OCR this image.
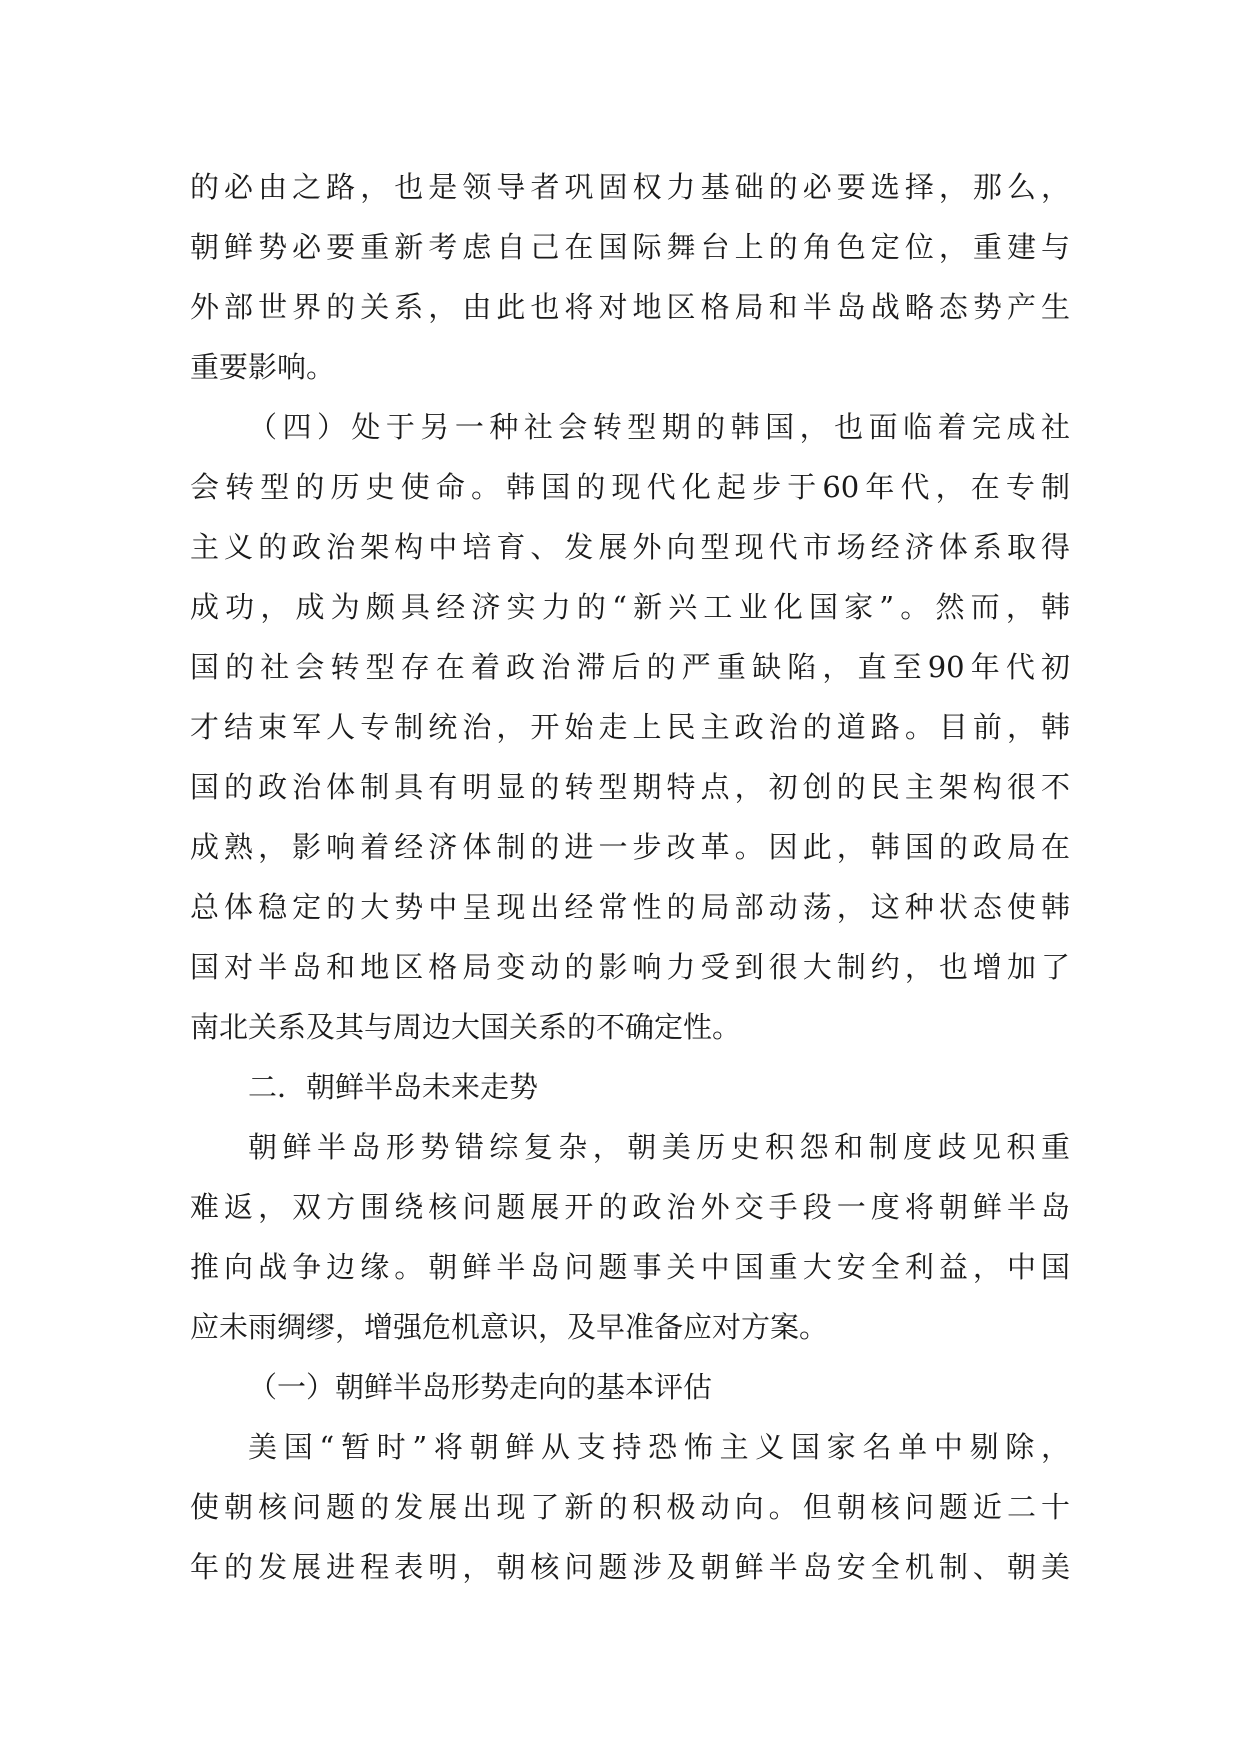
的必由之路，也是领导者巩固权力基础的必要选择，那么，
朝鲜势必要重新考虑自己在国际舞台上的角色定位，重建与
外部世界的关系，由此也将对地区格局和半岛战略态势产生
重要影响。
（四）处于另一种社会转型期的韩国，也面临着完成社
会转型的历史使命。韩国的现代化起步于60年代，在专制
主义的政治架构中培育、发展外向型现代市场经济体系取得
成功，成为颇具经济实力的“新兴工业化国家”。然而，韩
国的社会转型存在着政治滞后的严重缺陷，直至90年代初
才结束军人专制统治，开始走上民主政治的道路。目前，韩
国的政治体制具有明显的转型期特点，初创的民主架构很不
成熟，影响着经济体制的进一步改革。因此，韩国的政局在
总体稳定的大势中呈现出经常性的局部动荡，这种状态使韩
国对半岛和地区格局变动的影响力受到很大制约，也增加了
南北关系及其与周边大国关系的不确定性。
二．朝鲜半岛未来走势
朝鲜半岛形势错综复杂，朝美历史积怨和制度歧见积重
难返，双方围绕核问题展开的政治外交手段一度将朝鲜半岛
推向战争边缘。朝鲜半岛问题事关中国重大安全利益，中国
应未雨绸缪，增强危机意识，及早准备应对方案。
（一）朝鲜半岛形势走向的基本评估
美国“暂时”将朝鲜从支持恐怖主义国家名单中剔除，
使朝核问题的发展出现了新的积极动向。但朝核问题近二十
年的发展进程表明，朝核问题涉及朝鲜半岛安全机制、朝美
